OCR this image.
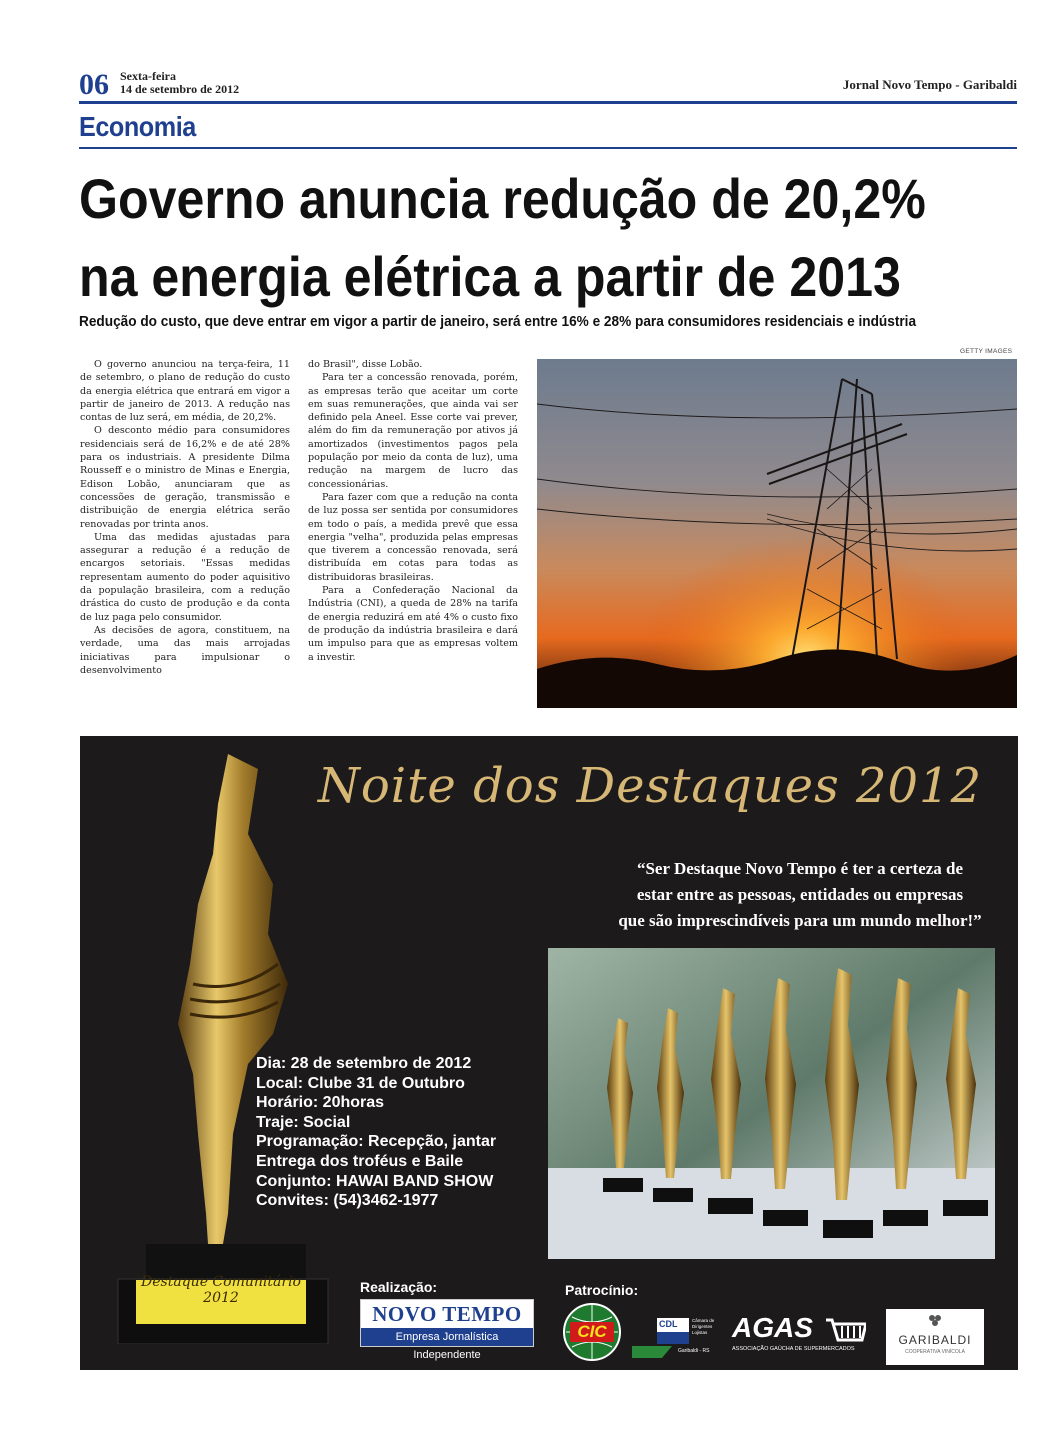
06 Sexta-feira
14 de setembro de 2012	Jornal Novo Tempo - Garibaldi
Economia
Governo anuncia redução de 20,2%
na energia elétrica a partir de 2013
Redução do custo, que deve entrar em vigor a partir de janeiro, será entre 16% e 28% para consumidores residenciais e indústria

O governo anunciou na terça-feira, 11 de setembro, o plano de redução do custo da energia elétrica que entrará em vigor a partir de janeiro de 2013. A redução nas contas de luz será, em média, de 20,2%.

O desconto médio para consumidores residenciais será de 16,2% e de até 28% para os industriais. A presidente Dilma Rousseff e o ministro de Minas e Energia, Edison Lobão, anunciaram que as concessões de geração, transmissão e distribuição de energia elétrica serão renovadas por trinta anos.

Uma das medidas ajustadas para assegurar a redução é a redução de encargos setoriais. "Essas medidas representam aumento do poder aquisitivo da população brasileira, com a redução drástica do custo de produção e da conta de luz paga pelo consumidor.

As decisões de agora, constituem, na verdade, uma das mais arrojadas iniciativas para impulsionar o desenvolvimento

do Brasil", disse Lobão.

Para ter a concessão renovada, porém, as empresas terão que aceitar um corte em suas remunerações, que ainda vai ser definido pela Aneel. Esse corte vai prever, além do fim da remuneração por ativos já amortizados (investimentos pagos pela população por meio da conta de luz), uma redução na margem de lucro das concessionárias.

Para fazer com que a redução na conta de luz possa ser sentida por consumidores em todo o país, a medida prevê que essa energia "velha", produzida pelas empresas que tiverem a concessão renovada, será distribuída em cotas para todas as distribuidoras brasileiras.

Para a Confederação Nacional da Indústria (CNI), a queda de 28% na tarifa de energia reduzirá em até 4% o custo fixo de produção da indústria brasileira e dará um impulso para que as empresas voltem a investir.

GETTY IMAGES
Destaque Comunitário
2012
Noite dos Destaques 2012
“Ser Destaque Novo Tempo é ter a certeza de
estar entre as pessoas, entidades ou empresas
que são imprescindíveis para um mundo melhor!”
Dia: 28 de setembro de 2012
Local: Clube 31 de Outubro
Horário: 20horas
Traje: Social
Programação: Recepção, jantar
Entrega dos troféus e Baile
Conjunto: HAWAI BAND SHOW
Convites: (54)3462-1977
Realização:
NOVO TEMPO
Empresa Jornalística Independente
Patrocínio:
CIC	CDL	Câmara de Dirigentes Lojistas
Garibaldi - RS
AGAS
ASSOCIAÇÃO GAÚCHA DE SUPERMERCADOS
GARIBALDI
COOPERATIVA VINÍCOLA
